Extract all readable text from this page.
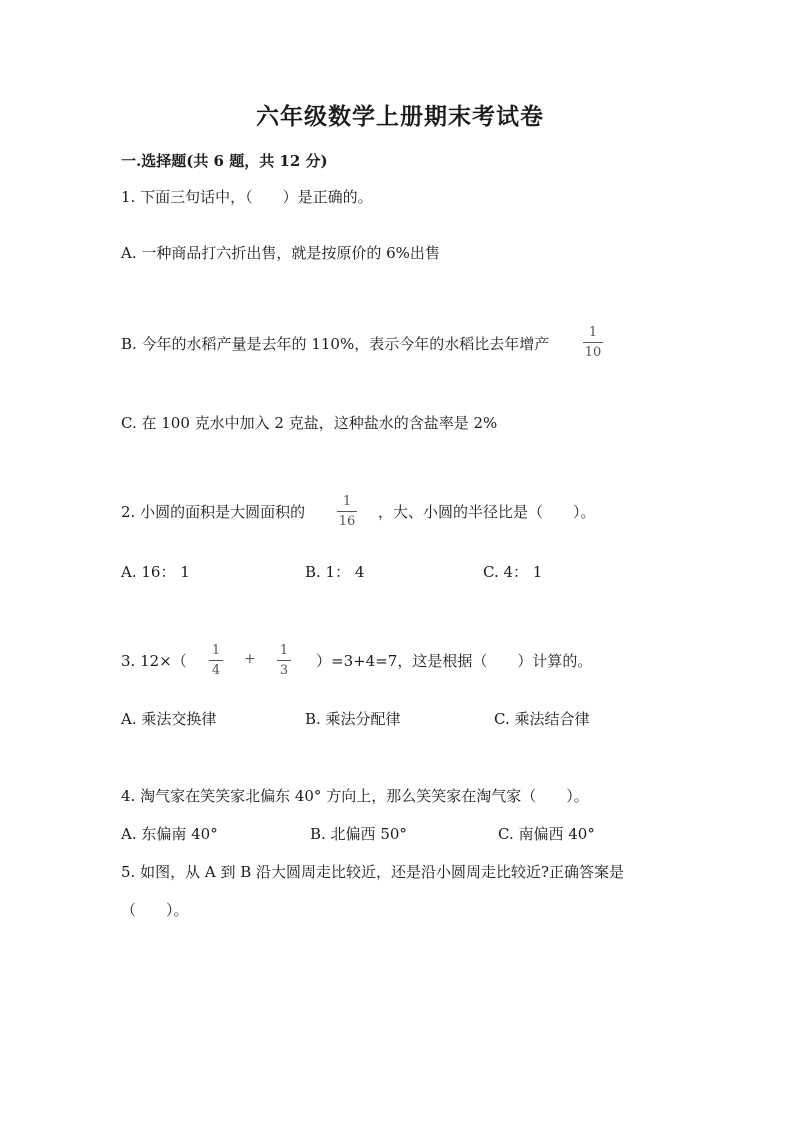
六年级数学上册期末考试卷
一.选择题(共 6 题，共 12 分)
1. 下面三句话中，（　　）是正确的。
A. 一种商品打六折出售，就是按原价的 6%出售
B. 今年的水稻产量是去年的 110%，表示今年的水稻比去年增产
1
10
C. 在 100 克水中加入 2 克盐，这种盐水的含盐率是 2%
2. 小圆的面积是大圆面积的
1
16
，大、小圆的半径比是（　　）。
A. 16： 1	B. 1： 4	C. 4： 1
3. 12×（
1
4
+
1
3
）=3+4=7，这是根据（　　）计算的。
A. 乘法交换律	B. 乘法分配律	C. 乘法结合律
4. 淘气家在笑笑家北偏东 40° 方向上，那么笑笑家在淘气家（　　）。
A. 东偏南 40°	B. 北偏西 50°	C. 南偏西 40°
5. 如图，从 A 到 B 沿大圆周走比较近，还是沿小圆周走比较近?正确答案是
（　　）。
